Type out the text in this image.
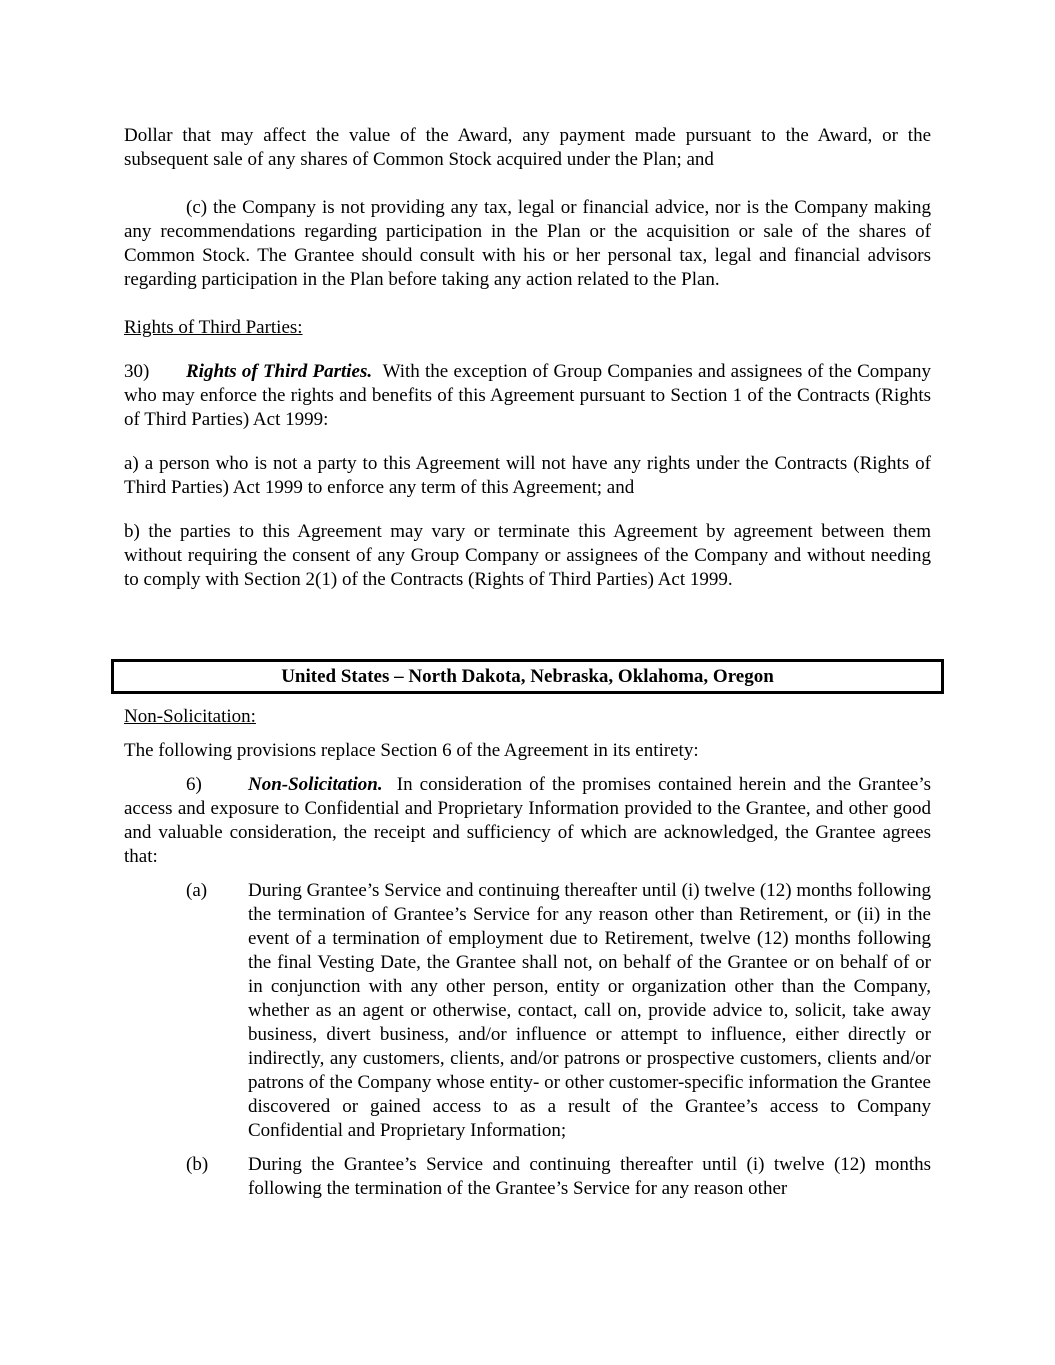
Dollar that may affect the value of the Award, any payment made pursuant to the Award, or the subsequent sale of any shares of Common Stock acquired under the Plan; and

(c) the Company is not providing any tax, legal or financial advice, nor is the Company making any recommendations regarding participation in the Plan or the acquisition or sale of the shares of Common Stock. The Grantee should consult with his or her personal tax, legal and financial advisors regarding participation in the Plan before taking any action related to the Plan.

Rights of Third Parties:

30) Rights of Third Parties. With the exception of Group Companies and assignees of the Company who may enforce the rights and benefits of this Agreement pursuant to Section 1 of the Contracts (Rights of Third Parties) Act 1999:

a) a person who is not a party to this Agreement will not have any rights under the Contracts (Rights of Third Parties) Act 1999 to enforce any term of this Agreement; and

b) the parties to this Agreement may vary or terminate this Agreement by agreement between them without requiring the consent of any Group Company or assignees of the Company and without needing to comply with Section 2(1) of the Contracts (Rights of Third Parties) Act 1999.

United States – North Dakota, Nebraska, Oklahoma, Oregon

Non-Solicitation:

The following provisions replace Section 6 of the Agreement in its entirety:

6) Non-Solicitation. In consideration of the promises contained herein and the Grantee’s access and exposure to Confidential and Proprietary Information provided to the Grantee, and other good and valuable consideration, the receipt and sufficiency of which are acknowledged, the Grantee agrees that:

(a) During Grantee’s Service and continuing thereafter until (i) twelve (12) months following the termination of Grantee’s Service for any reason other than Retirement, or (ii) in the event of a termination of employment due to Retirement, twelve (12) months following the final Vesting Date, the Grantee shall not, on behalf of the Grantee or on behalf of or in conjunction with any other person, entity or organization other than the Company, whether as an agent or otherwise, contact, call on, provide advice to, solicit, take away business, divert business, and/or influence or attempt to influence, either directly or indirectly, any customers, clients, and/or patrons or prospective customers, clients and/or patrons of the Company whose entity- or other customer-specific information the Grantee discovered or gained access to as a result of the Grantee’s access to Company Confidential and Proprietary Information;
(b) During the Grantee’s Service and continuing thereafter until (i) twelve (12) months following the termination of the Grantee’s Service for any reason other
